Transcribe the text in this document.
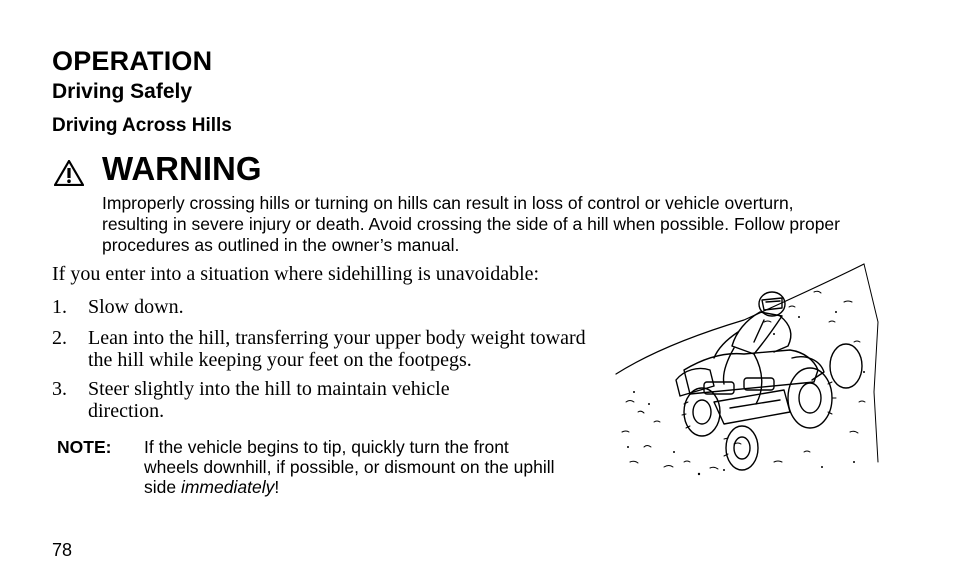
OPERATION
Driving Safely
Driving Across Hills
WARNING
Improperly crossing hills or turning on hills can result in loss of control or vehicle overturn, resulting in severe injury or death. Avoid crossing the side of a hill when possible. Follow proper procedures as outlined in the owner’s manual.
If you enter into a situation where sidehilling is unavoidable:
1.	Slow down.
2.	Lean into the hill, transferring your upper body weight toward the hill while keeping your feet on the footpegs.
3.	Steer slightly into the hill to maintain vehicle direction.
NOTE: If the vehicle begins to tip, quickly turn the front wheels downhill, if possible, or dismount on the uphill side immediately!
78
